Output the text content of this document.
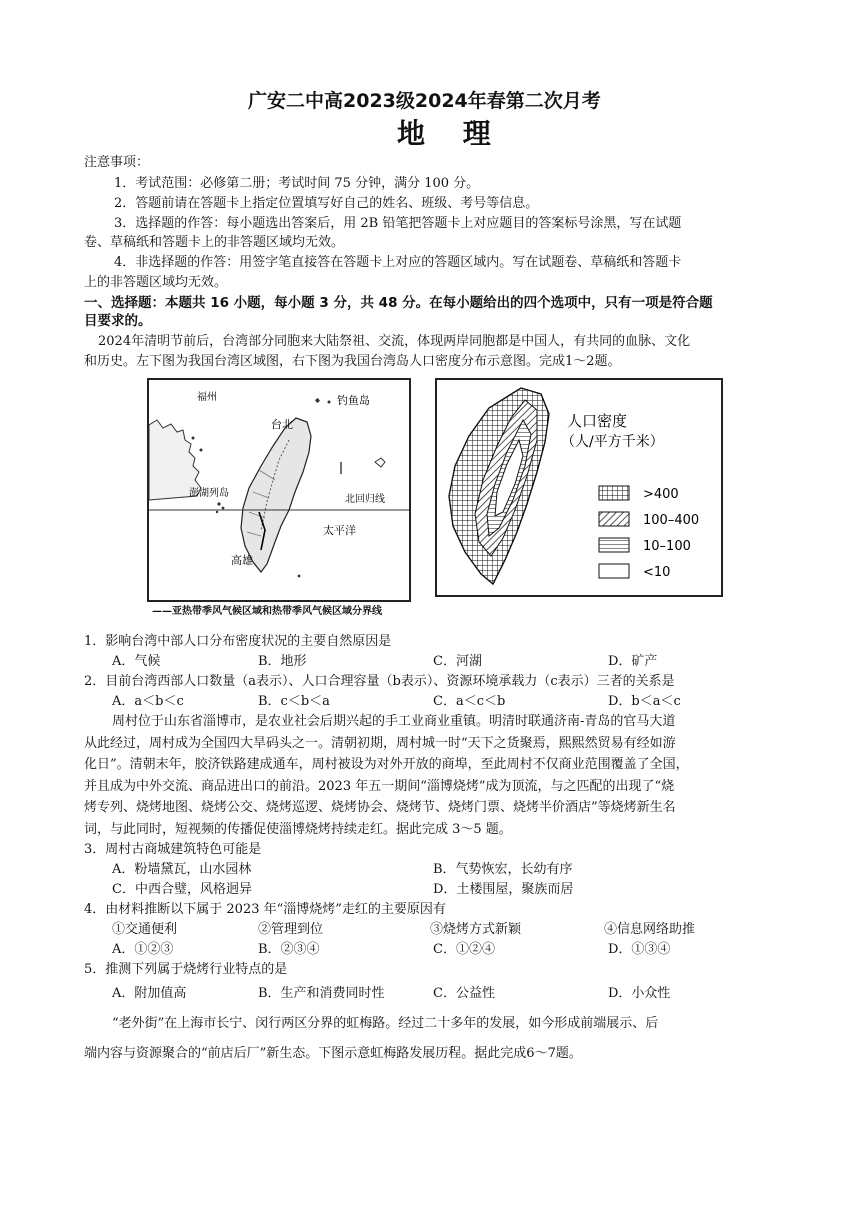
广安二中高2023级2024年春第二次月考
地 理
注意事项：
1．考试范围：必修第二册；考试时间 75 分钟，满分 100 分。
2．答题前请在答题卡上指定位置填写好自己的姓名、班级、考号等信息。
3．选择题的作答：每小题选出答案后，用 2B 铅笔把答题卡上对应题目的答案标号涂黑，写在试题
卷、草稿纸和答题卡上的非答题区域均无效。
4．非选择题的作答：用签字笔直接答在答题卡上对应的答题区域内。写在试题卷、草稿纸和答题卡
上的非答题区域均无效。
一、选择题：本题共 16 小题，每小题 3 分，共 48 分。在每小题给出的四个选项中，只有一项是符合题
目要求的。
2024年清明节前后，台湾部分同胞来大陆祭祖、交流，体现两岸同胞都是中国人，有共同的血脉、文化
和历史。左下图为我国台湾区域图，右下图为我国台湾岛人口密度分布示意图。完成1～2题。
福州	钓鱼岛
台北
澎湖列岛
北回归线
太平洋
高雄
——亚热带季风气候区域和热带季风气候区域分界线
人口密度
（人/平方千米）
>400
100–400
10–100
<10
1．影响台湾中部人口分布密度状况的主要自然原因是
A．气候	B．地形	C．河湖	D．矿产
2．目前台湾西部人口数量（a表示）、人口合理容量（b表示）、资源环境承载力（c表示）三者的关系是
A．a＜b＜c	B．c＜b＜a	C．a＜c＜b	D．b＜a＜c
周村位于山东省淄博市，是农业社会后期兴起的手工业商业重镇。明清时联通济南-青岛的官马大道
从此经过，周村成为全国四大旱码头之一。清朝初期，周村城一时“天下之货聚焉，熙熙然贸易有经如游
化日”。清朝末年，胶济铁路建成通车，周村被设为对外开放的商埠，至此周村不仅商业范围覆盖了全国，
并且成为中外交流、商品进出口的前沿。2023 年五一期间“淄博烧烤”成为顶流，与之匹配的出现了“烧
烤专列、烧烤地图、烧烤公交、烧烤巡逻、烧烤协会、烧烤节、烧烤门票、烧烤半价酒店”等烧烤新生名
词，与此同时，短视频的传播促使淄博烧烤持续走红。据此完成 3～5 题。
3．周村古商城建筑特色可能是
A．粉墙黛瓦，山水园林	B．气势恢宏，长幼有序
C．中西合璧，风格迥异	D．土楼围屋，聚族而居
4．由材料推断以下属于 2023 年“淄博烧烤”走红的主要原因有
①交通便利	②管理到位	③烧烤方式新颖	④信息网络助推
A．①②③	B．②③④	C．①②④	D．①③④
5．推测下列属于烧烤行业特点的是
A．附加值高	B．生产和消费同时性	C．公益性	D．小众性
“老外街”在上海市长宁、闵行两区分界的虹梅路。经过二十多年的发展，如今形成前端展示、后
端内容与资源聚合的“前店后厂”新生态。下图示意虹梅路发展历程。据此完成6～7题。
